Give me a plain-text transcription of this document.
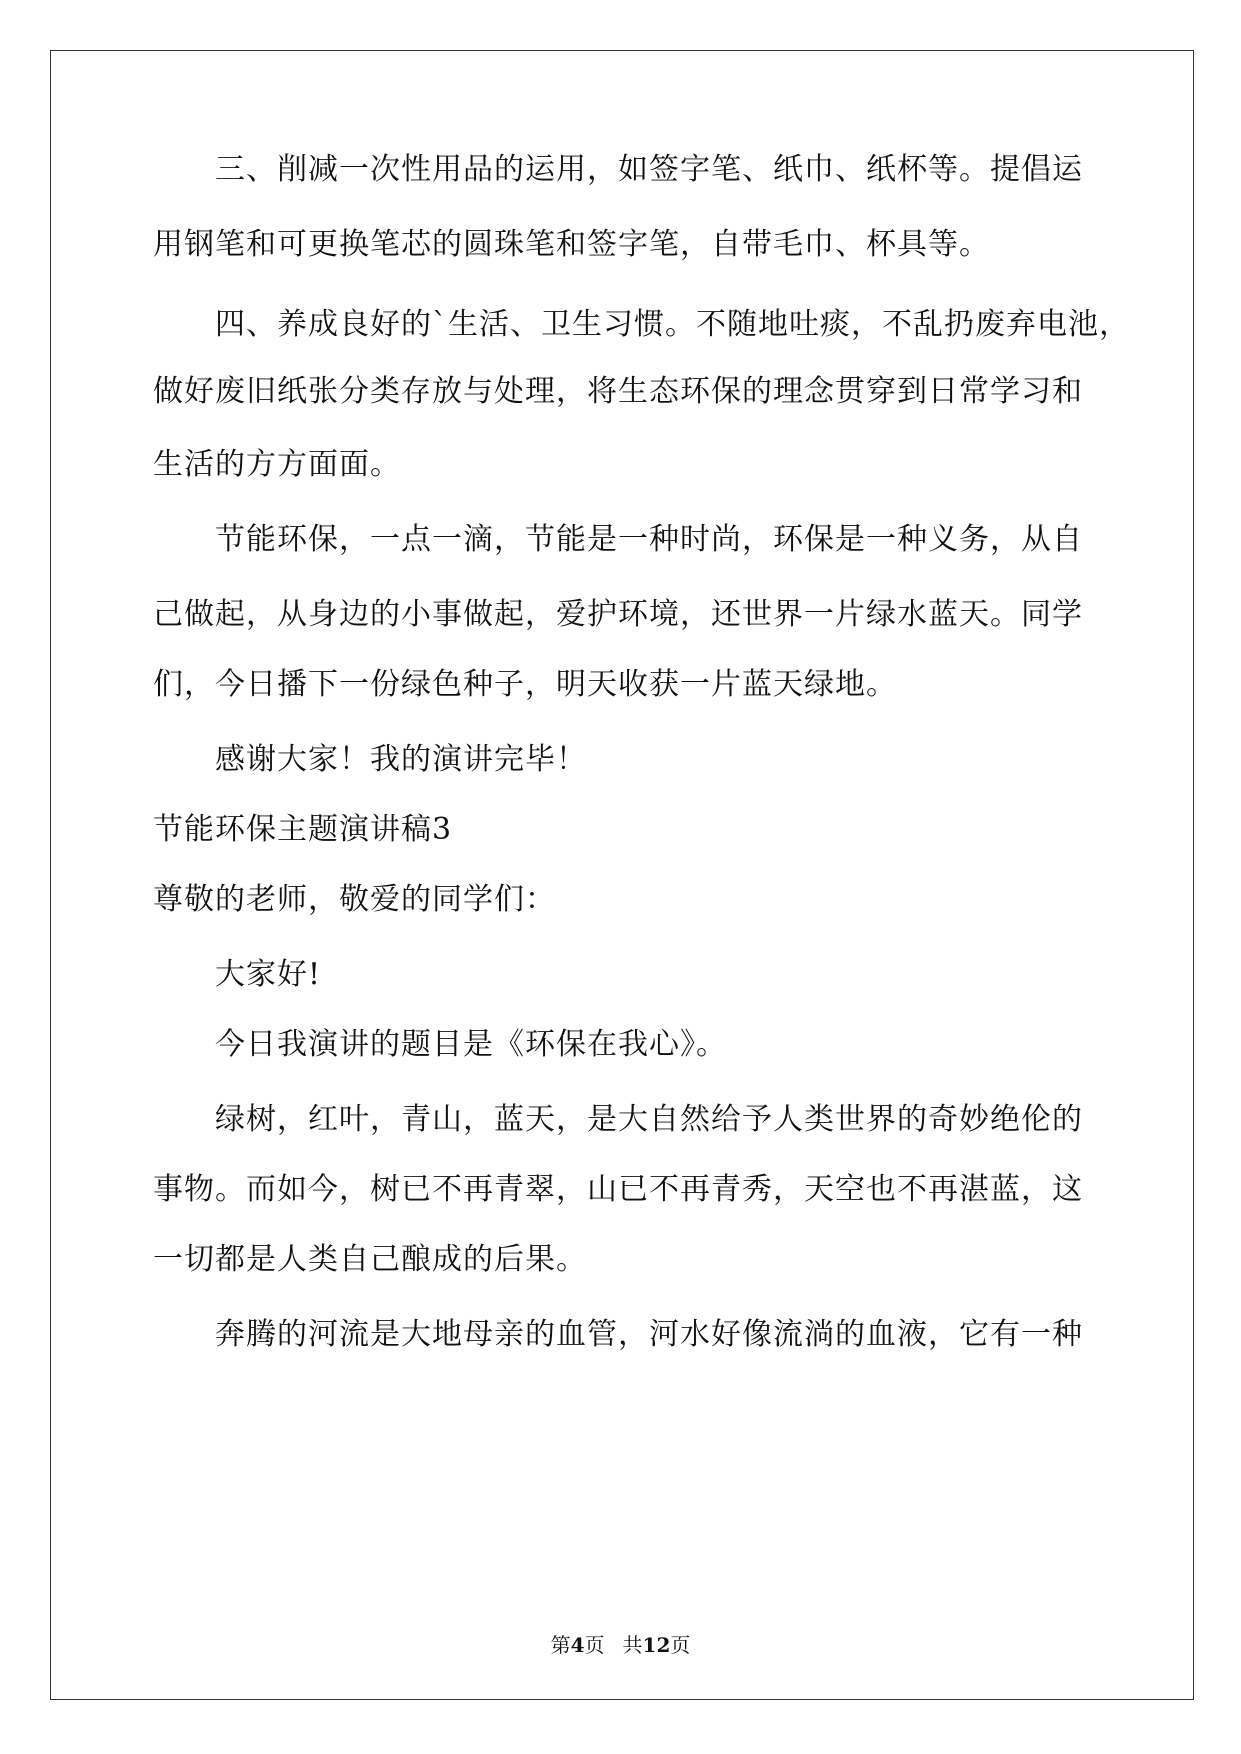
三、削减一次性用品的运用，如签字笔、纸巾、纸杯等。提倡运
用钢笔和可更换笔芯的圆珠笔和签字笔，自带毛巾、杯具等。
四、养成良好的`生活、卫生习惯。不随地吐痰，不乱扔废弃电池，
做好废旧纸张分类存放与处理，将生态环保的理念贯穿到日常学习和
生活的方方面面。
节能环保，一点一滴，节能是一种时尚，环保是一种义务，从自
己做起，从身边的小事做起，爱护环境，还世界一片绿水蓝天。同学
们，今日播下一份绿色种子，明天收获一片蓝天绿地。
感谢大家！我的演讲完毕！
节能环保主题演讲稿3
尊敬的老师，敬爱的同学们：
大家好!
今日我演讲的题目是《环保在我心》。
绿树，红叶，青山，蓝天，是大自然给予人类世界的奇妙绝伦的
事物。而如今，树已不再青翠，山已不再青秀，天空也不再湛蓝，这
一切都是人类自己酿成的后果。
奔腾的河流是大地母亲的血管，河水好像流淌的血液，它有一种
第4页 共12页
